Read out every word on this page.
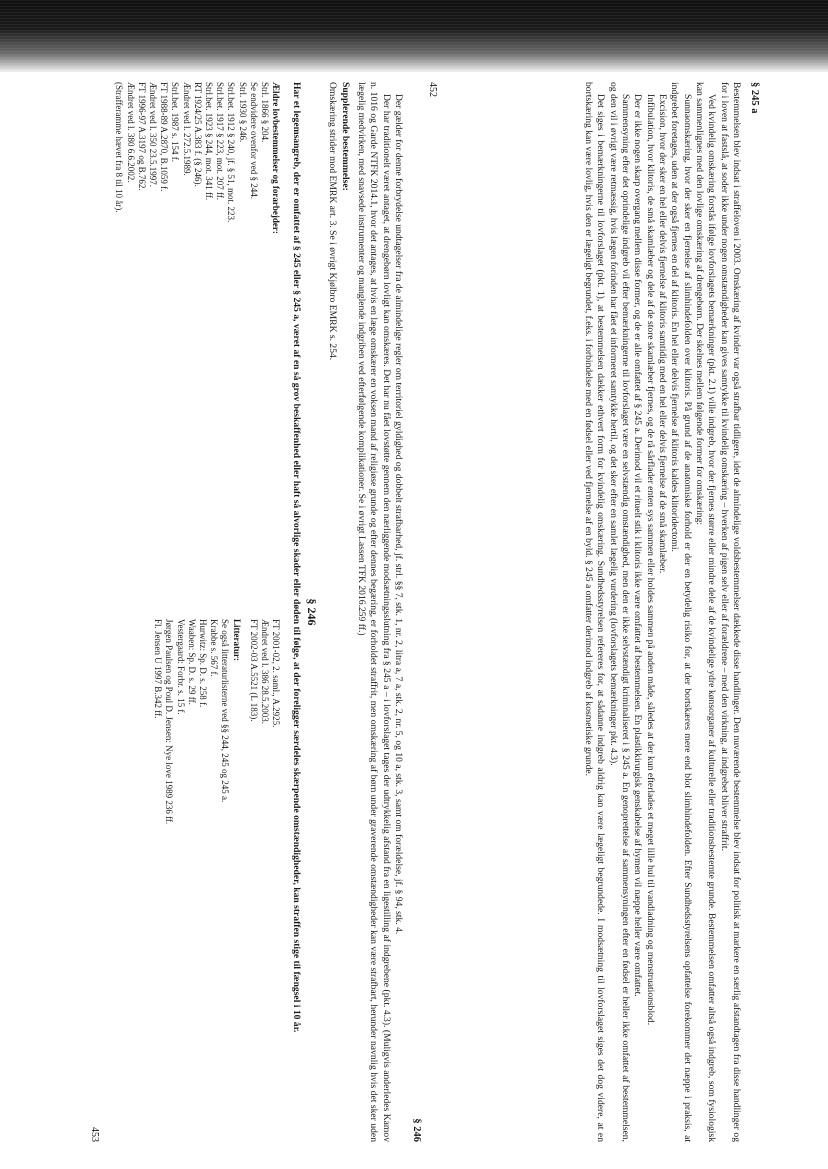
§ 245 a

Bestemmelsen blev indsat i straffeloven i 2003. Omskæring af kvinder var også strafbar tidligere, idet de almindelige voldsbestemmelser dækkede disse handlinger. Den nuværende bestemmelse blev indsat for politisk at markere en særlig afstandtagen fra disse handlinger og for i loven at fastslå, at soder ikke under nogen omstændigheder kan gives samtykke til kvindelig omskæring – hverken af pigen selv eller af forældrene – med den virkning, at indgrebet bliver straffrit.

Ved kvindelig omskæring forstås ifølge lovforslagets bemærkninger (pkt. 2.1) ville indgreb, hvor der fjernes større eller mindre dele af de kvindelige ydre kønsorganer af kulturelle eller traditionsbestemte grunde. Bestemmelsen omfatter altså også indgreb, som fysiologisk kan sammenlignes med den lovlige omskæring af drengebørn. Der skelnes mellem følgende former for omskæring:

Sunnaomskæring, hvor der sker en fjernelse af slimhindefolden over klitoris. På grund af de anatomiske forhold er der en betydelig risiko for, at der bortskæres mere end blot slimhindefolden. Efter Sundhedsstyrelsens opfattelse forekommer det næppe i praksis, at indgrebet foretages, uden at der også fjernes en del af klitoris. En hel eller delvis fjernelse af klitoris kaldes klitoridectomi.

Excision, hvor der sker en hel eller delvis fjernelse af klitoris samtidig med en hel eller delvis fjernelse af de små skamlæber.

Infibulation, hvor klitoris, de små skamlæber og dele af de store skamlæber fjernes, og de rå sårflader enten sys sammen eller holdes sammen på anden måde, således at der kun efterlades et meget lille hul til vandladning og menstruationsblod.

Der er ikke nogen skarp overgang mellem disse former, og de er alle omfattet af § 245 a. Derimod vil et rituelt stik i klitoris ikke være omfattet af bestemmelsen. En plastikkirurgisk genskabelse af hymen vil næppe heller være omfattet.

Sammensyning efter det oprindelige indgreb vil efter bemærkningerne til lovforslaget være en selvstændig omstændighed, men den er ikke selvstændigt kriminaliseret i § 245 a. En genoprettelse af sammensyningen efter en fødsel er heller ikke omfattet af bestemmelsen, og den vil i øvrigt være retmæssig, hvis lægen forinden har fået et informeret samtykke hertil, og det sker efter en samlet lægelig vurdering (lovforslagets bemærkninger pkt. 4.3).

Det siges i bemærkningerne til lovforslaget (pkt. 1), at bestemmelsen dækker ethvert form for kvindelig omskæring. Sundhedsstyrelsen refereres for, at sådanne indgreb aldrig kan være lægeligt begrundede. I modsætning til lovforslaget siges det dog videre, at en bortskæring kan være lovlig, hvis den er lægeligt begrundet, f.eks. i forbindelse med en fødsel eller ved fjernelse af en byld. § 245 a omfatter derimod indgreb af kosmetiske grunde.

452
§ 246

Der gælder for denne forbrydelse undtagelser fra de almindelige regler om territoriel gyldighed og dobbelt strafbarhed, jf. strl. §§ 7, stk. 1, nr. 2, litra a, 7 a, stk. 2, nr. 5, og 10 a, stk. 3, samt om forældelse, jf. § 94, stk. 4.

Der har traditionelt været antaget, at drengebørn lovligt kan omskæres. Det har nu fået lovstøtte gennem den nærliggende modsætningsslutning fra § 245 a – i lovforslaget tages der udtrykkelig afstand fra en ligestilling af indgrebene (pkt. 4.3). (Muligvis anderledes Kamov n. 1016 og Garde NTFK 2014.1, hvor det antages, at hvis en læge omskærer en voksen mand af religiøse grunde og efter dennes begæring, er forholdet straffrit, men omskæring af børn under graverende omstændigheder kan være strafbart, herunder navnlig hvis det sker uden lægelig medvirken, med snavsede instrumenter og manglende indgriben ved efterfølgende komplikationer. Se i øvrigt Lassen TFK 2016.259 ff.)

Supplerende bestemmelse:
Omskæring strider mod EMRK art. 3. Se i øvrigt Kjølbro EMRK s. 254.
§ 246

Har et legemsangreb, der er omfattet af § 245 eller § 245 a, været af en så grov beskaffenhed eller haft så alvorlige skader eller døden til følge, at der foreligger særdeles skærpende omstændigheder, kan straffen stige til fængsel i 10 år.

Ældre lovbestemmelser og forarbejder:
Strl. 1866 § 204.
Se endvidere ovenfor ved § 244.
Strl. 1930 § 246.
Strl.bet. 1912 § 240, jf. § 51, mot. 223.
Strl.bet. 1917 § 223, mot. 207 ff.
Strl.bet. 1923 § 244, mot. 341 ff.
RT 1924/25 A.383 f. (§ 246).
Ændret ved l. 272.5.1989.
Strl.bet. 1987 s. 154 f.
FT 1988-89 A.2870, B.1059 f.
Ændret ved l. 350 23.5.1997.
FT 1996-97 A.3197 og B.762.
Ændret ved l. 380 6.6.2002.
(Strafferamme hævet fra 8 til 10 år).
FT 2001-02, 2. saml., A.2925.
Ændret ved l. 386 28.5.2003.
FT 2002-03 A.5521 (L 183).
Litteratur:
Se også litteraturlisterne ved §§ 244, 245 og 245 a.
Krabbe s. 567 f.
Hurwitz: Sp. D. s. 258 f.
Waaben: Sp. D. s. 29 ff.
Vestergaard: Forbr. s. 15 f.
Jørgen Paulsen og Poul D. Jensen: Nye love 1989 236 ff.
Fl. Jensen U 1997 B.342 ff.
453
